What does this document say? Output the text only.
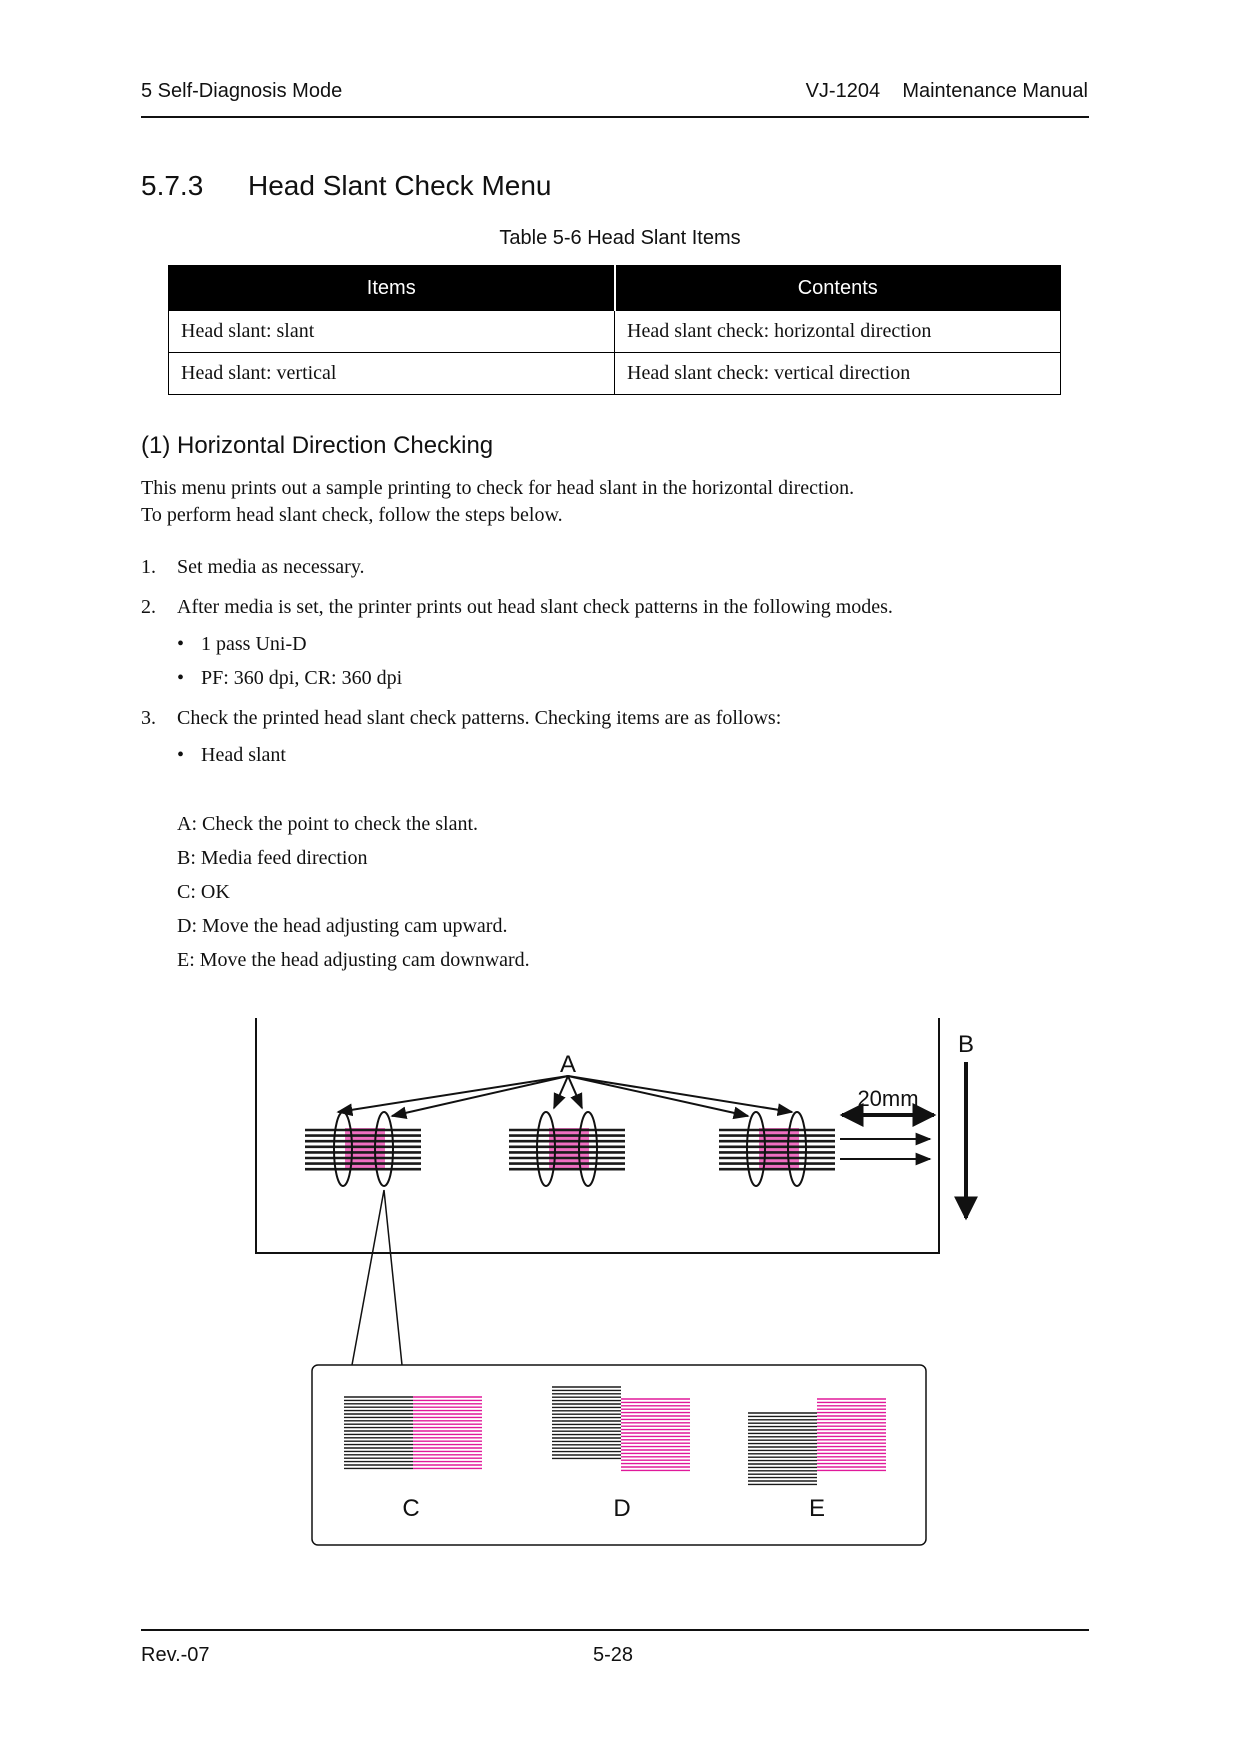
5 Self-Diagnosis Mode	VJ-1204    Maintenance Manual
5.7.3 Head Slant Check Menu
Table 5-6 Head Slant Items
Items	Contents
Head slant: slant	Head slant check: horizontal direction
Head slant: vertical	Head slant check: vertical direction
(1) Horizontal Direction Checking
This menu prints out a sample printing to check for head slant in the horizontal direction.
To perform head slant check, follow the steps below.
1. Set media as necessary.
2. After media is set, the printer prints out head slant check patterns in the following modes.
• 1 pass Uni-D
• PF: 360 dpi, CR: 360 dpi
3. Check the printed head slant check patterns. Checking items are as follows:
• Head slant
A: Check the point to check the slant.
B: Media feed direction
C: OK
D: Move the head adjusting cam upward.
E: Move the head adjusting cam downward.
A
20mm
B
C	D	E
Rev.-07	5-28
